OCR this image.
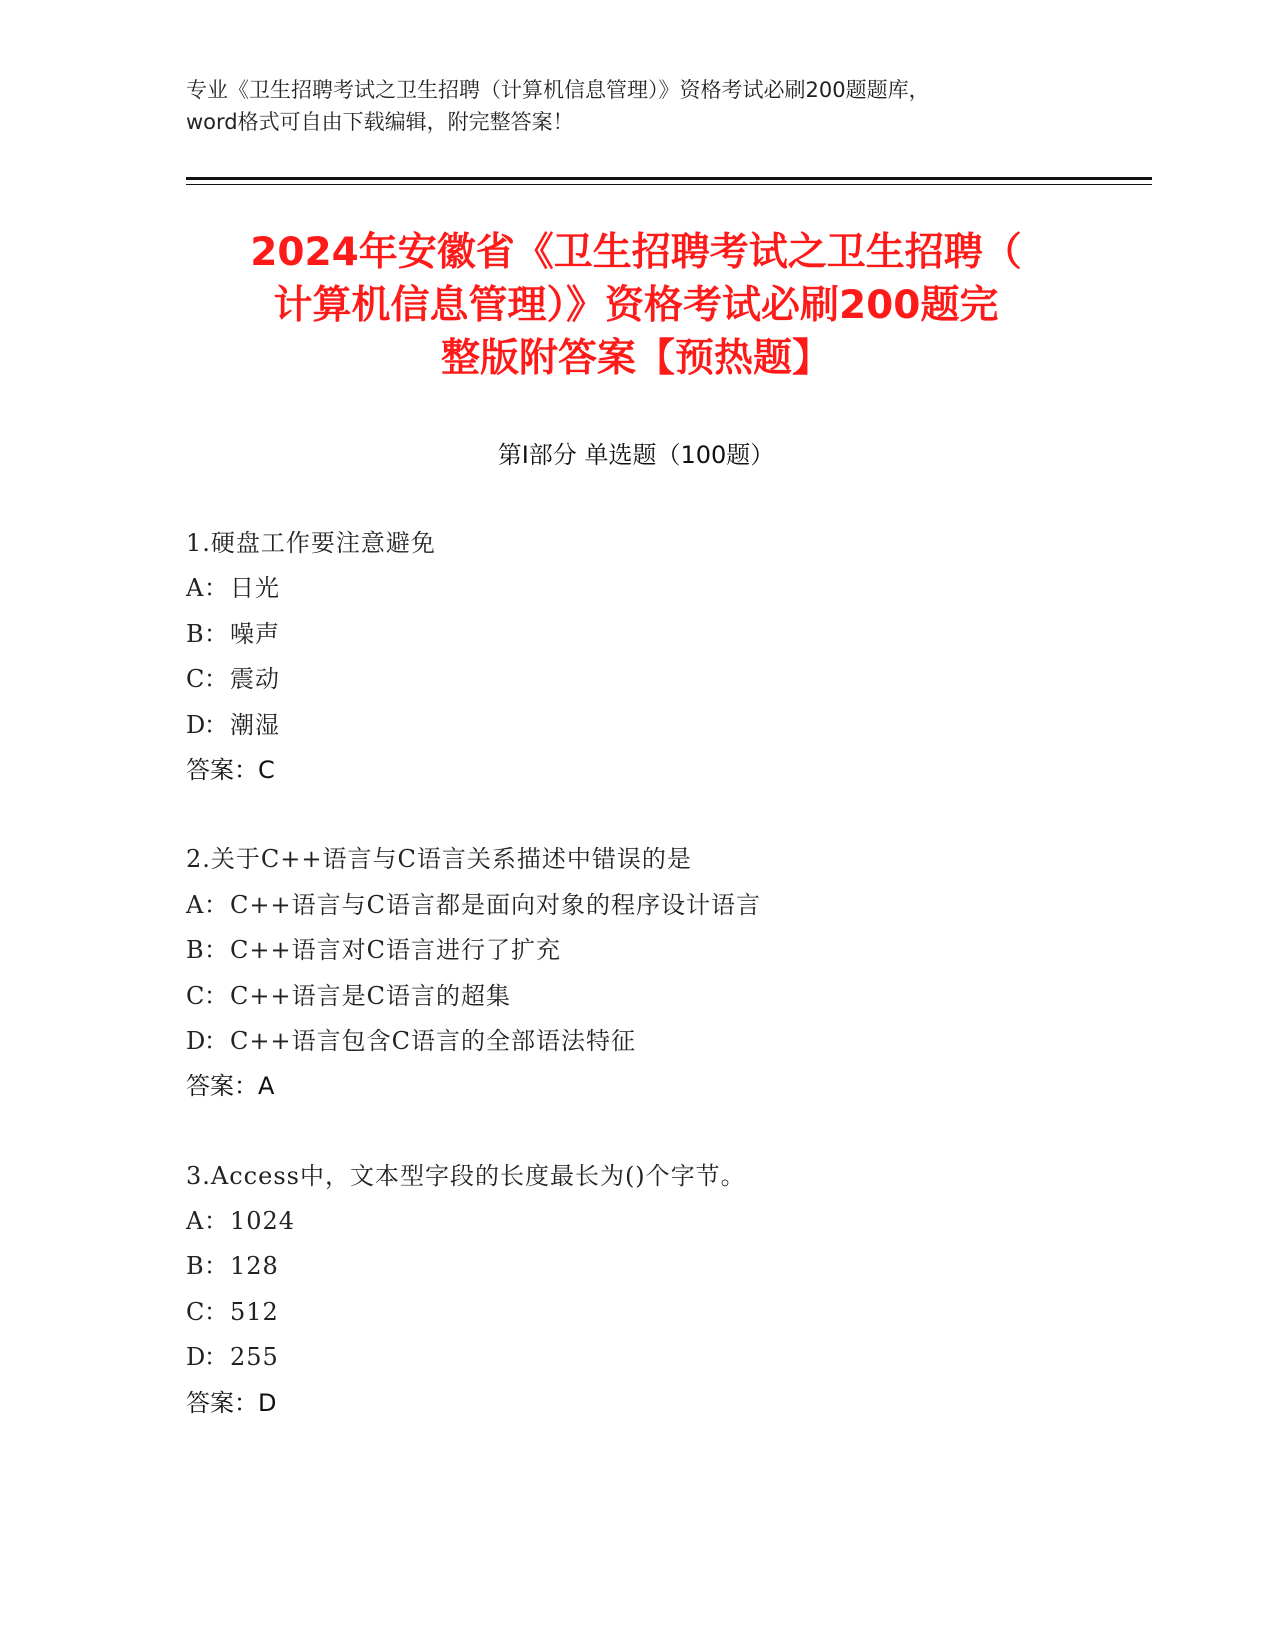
专业《卫生招聘考试之卫生招聘（计算机信息管理）》资格考试必刷200题题库，
word格式可自由下载编辑，附完整答案！
2024年安徽省《卫生招聘考试之卫生招聘（
计算机信息管理）》资格考试必刷200题完
整版附答案【预热题】
第Ⅰ部分 单选题（100题）
1.硬盘工作要注意避免
A：日光
B：噪声
C：震动
D：潮湿
答案：C
2.关于C++语言与C语言关系描述中错误的是
A：C++语言与C语言都是面向对象的程序设计语言
B：C++语言对C语言进行了扩充
C：C++语言是C语言的超集
D：C++语言包含C语言的全部语法特征
答案：A
3.Access中，文本型字段的长度最长为()个字节。
A：1024
B：128
C：512
D：255
答案：D
